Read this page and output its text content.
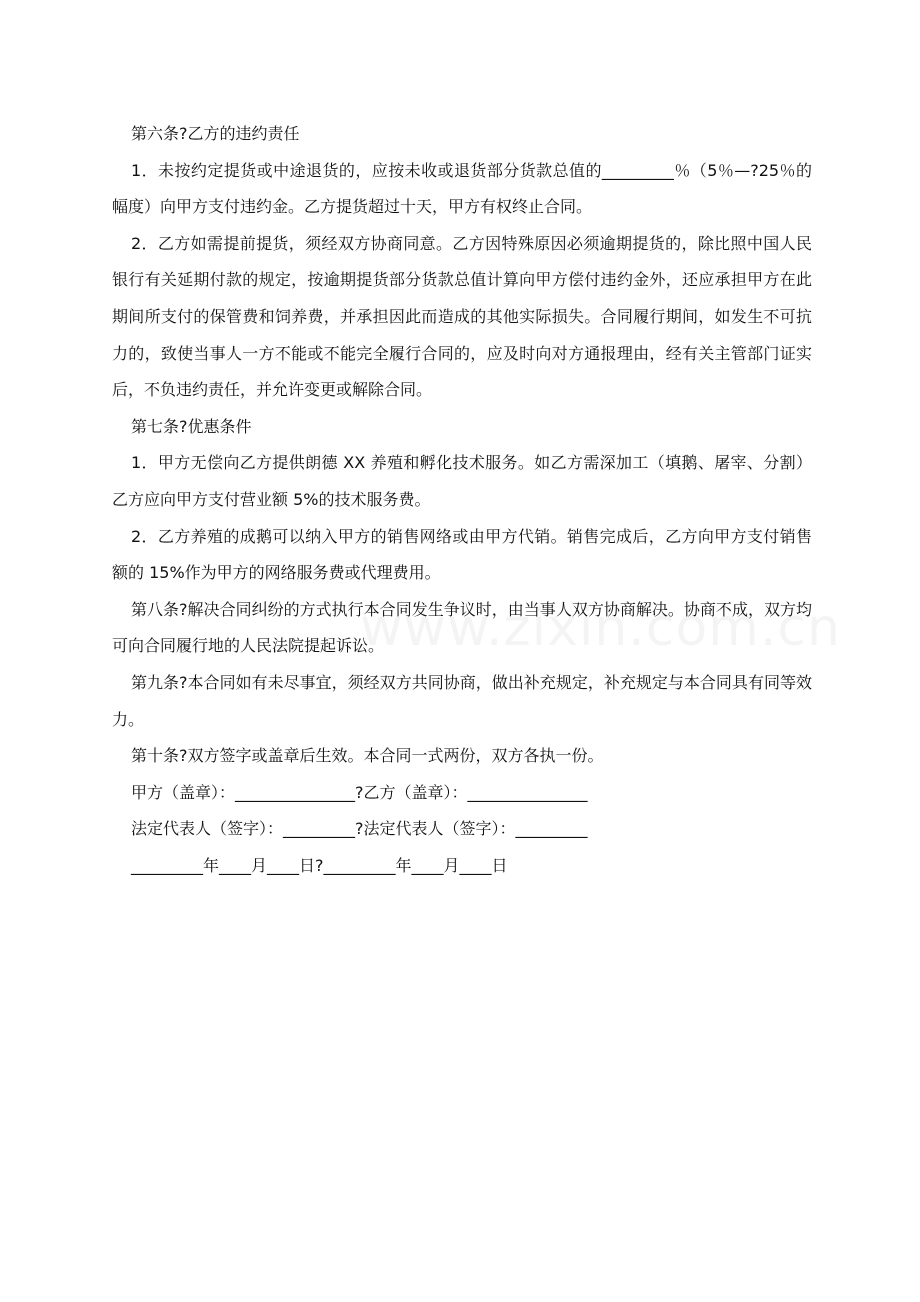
第六条?乙方的违约责任

1．未按约定提货或中途退货的，应按未收或退货部分货款总值的_________％（5％—?25％的幅度）向甲方支付违约金。乙方提货超过十天，甲方有权终止合同。

2．乙方如需提前提货，须经双方协商同意。乙方因特殊原因必须逾期提货的，除比照中国人民银行有关延期付款的规定，按逾期提货部分货款总值计算向甲方偿付违约金外，还应承担甲方在此期间所支付的保管费和饲养费，并承担因此而造成的其他实际损失。合同履行期间，如发生不可抗力的，致使当事人一方不能或不能完全履行合同的，应及时向对方通报理由，经有关主管部门证实后，不负违约责任，并允许变更或解除合同。

第七条?优惠条件

1．甲方无偿向乙方提供朗德 XX 养殖和孵化技术服务。如乙方需深加工（填鹅、屠宰、分割）乙方应向甲方支付营业额 5%的技术服务费。

2．乙方养殖的成鹅可以纳入甲方的销售网络或由甲方代销。销售完成后，乙方向甲方支付销售额的 15%作为甲方的网络服务费或代理费用。

第八条?解决合同纠纷的方式执行本合同发生争议时，由当事人双方协商解决。协商不成，双方均可向合同履行地的人民法院提起诉讼。

第九条?本合同如有未尽事宜，须经双方共同协商，做出补充规定，补充规定与本合同具有同等效力。

第十条?双方签字或盖章后生效。本合同一式两份，双方各执一份。

甲方（盖章）：_______________?乙方（盖章）：_______________

法定代表人（签字）：_________?法定代表人（签字）：_________

_________年____月____日?_________年____月____日
